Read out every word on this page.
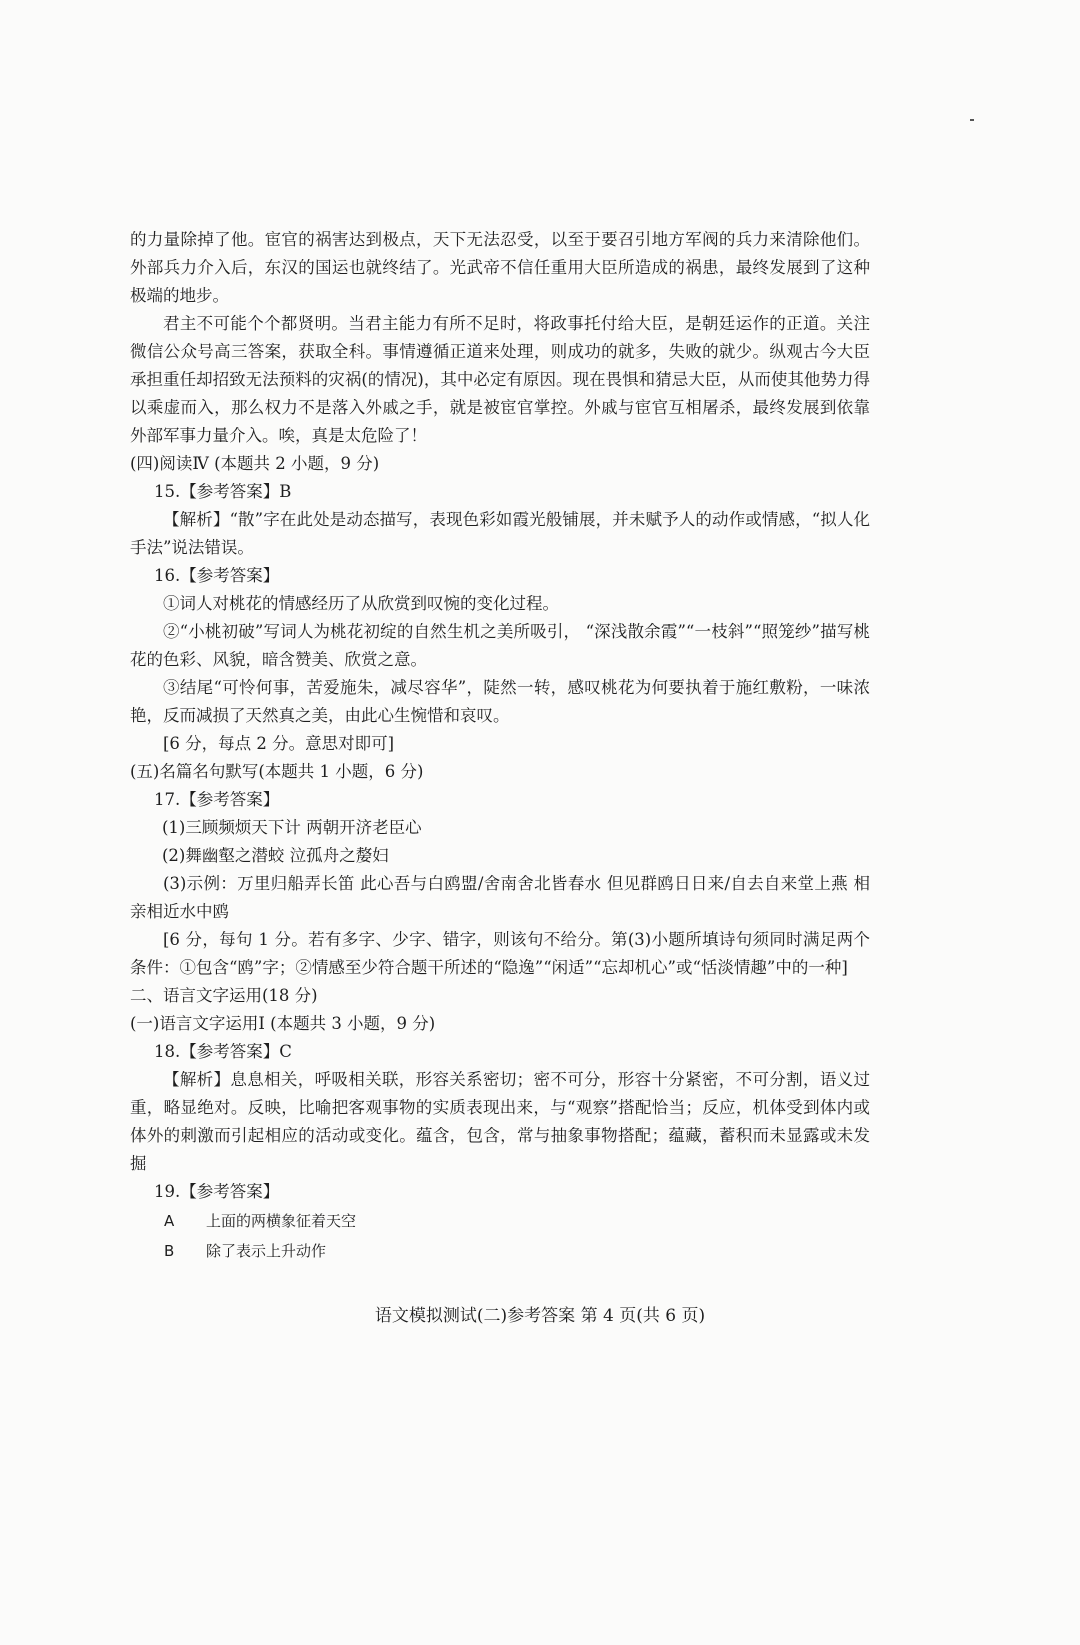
的力量除掉了他。宦官的祸害达到极点，天下无法忍受，以至于要召引地方军阀的兵力来清除他们。外部兵力介入后，东汉的国运也就终结了。光武帝不信任重用大臣所造成的祸患，最终发展到了这种极端的地步。

君主不可能个个都贤明。当君主能力有所不足时，将政事托付给大臣，是朝廷运作的正道。关注微信公众号高三答案，获取全科。事情遵循正道来处理，则成功的就多，失败的就少。纵观古今大臣承担重任却招致无法预料的灾祸(的情况)，其中必定有原因。现在畏惧和猜忌大臣，从而使其他势力得以乘虚而入，那么权力不是落入外戚之手，就是被宦官掌控。外戚与宦官互相屠杀，最终发展到依靠外部军事力量介入。唉，真是太危险了！

(四)阅读Ⅳ (本题共 2 小题，9 分)

15.【参考答案】B

【解析】“散”字在此处是动态描写，表现色彩如霞光般铺展，并未赋予人的动作或情感，“拟人化手法”说法错误。

16.【参考答案】

①词人对桃花的情感经历了从欣赏到叹惋的变化过程。

②“小桃初破”写词人为桃花初绽的自然生机之美所吸引， “深浅散余霞”“一枝斜”“照笼纱”描写桃花的色彩、风貌，暗含赞美、欣赏之意。

③结尾“可怜何事，苦爱施朱，减尽容华”，陡然一转，感叹桃花为何要执着于施红敷粉，一味浓艳，反而减损了天然真之美，由此心生惋惜和哀叹。

[6 分，每点 2 分。意思对即可]

(五)名篇名句默写(本题共 1 小题，6 分)

17.【参考答案】

(1)三顾频烦天下计 两朝开济老臣心

(2)舞幽壑之潜蛟 泣孤舟之嫠妇

(3)示例：万里归船弄长笛 此心吾与白鸥盟/舍南舍北皆春水 但见群鸥日日来/自去自来堂上燕 相亲相近水中鸥

[6 分，每句 1 分。若有多字、少字、错字，则该句不给分。第(3)小题所填诗句须同时满足两个条件：①包含“鸥”字；②情感至少符合题干所述的“隐逸”“闲适”“忘却机心”或“恬淡情趣”中的一种]

二、语言文字运用(18 分)

(一)语言文字运用Ⅰ (本题共 3 小题，9 分)

18.【参考答案】C

【解析】息息相关，呼吸相关联，形容关系密切；密不可分，形容十分紧密，不可分割，语义过重，略显绝对。反映，比喻把客观事物的实质表现出来，与“观察”搭配恰当；反应，机体受到体内或体外的刺激而引起相应的活动或变化。蕴含，包含，常与抽象事物搭配；蕴藏，蓄积而未显露或未发掘

19.【参考答案】

A	上面的两横象征着天空
B	除了表示上升动作
语文模拟测试(二)参考答案 第 4 页(共 6 页)
